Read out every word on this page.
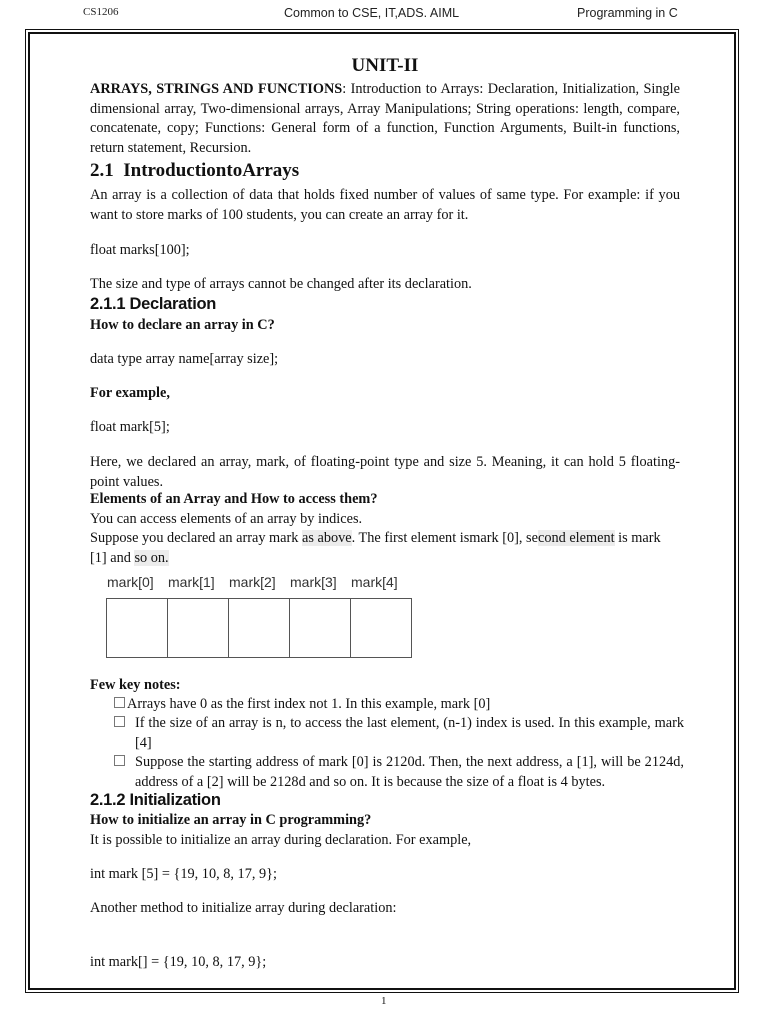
CS1206	Common to CSE, IT,ADS. AIML	Programming in C
UNIT-II
ARRAYS, STRINGS AND FUNCTIONS: Introduction to Arrays: Declaration, Initialization, Single dimensional array, Two-dimensional arrays, Array Manipulations; String operations: length, compare, concatenate, copy; Functions: General form of a function, Function Arguments, Built-in functions, return statement, Recursion.
2.1 IntroductiontoArrays
An array is a collection of data that holds fixed number of values of same type. For example: if you want to store marks of 100 students, you can create an array for it.
float marks[100];
The size and type of arrays cannot be changed after its declaration.
2.1.1 Declaration
How to declare an array in C?
data type array name[array size];
For example,
float mark[5];
Here, we declared an array, mark, of floating-point type and size 5. Meaning, it can hold 5 floating-point values.
Elements of an Array and How to access them?
You can access elements of an array by indices.
Suppose you declared an array mark as above. The first element ismark [0], second element is mark [1] and so on.
mark[0]	mark[1]	mark[2]	mark[3]	mark[4]
Few key notes:
2.1.2 Initialization
How to initialize an array in C programming?
It is possible to initialize an array during declaration. For example,
int mark [5] = {19, 10, 8, 17, 9};
Another method to initialize array during declaration:
int mark[] = {19, 10, 8, 17, 9};
Arrays have 0 as the first index not 1. In this example, mark [0]
If the size of an array is n, to access the last element, (n-1) index is used. In this example, mark [4]
Suppose the starting address of mark [0] is 2120d. Then, the next address, a [1], will be 2124d, address of a [2] will be 2128d and so on. It is because the size of a float is 4 bytes.
1
